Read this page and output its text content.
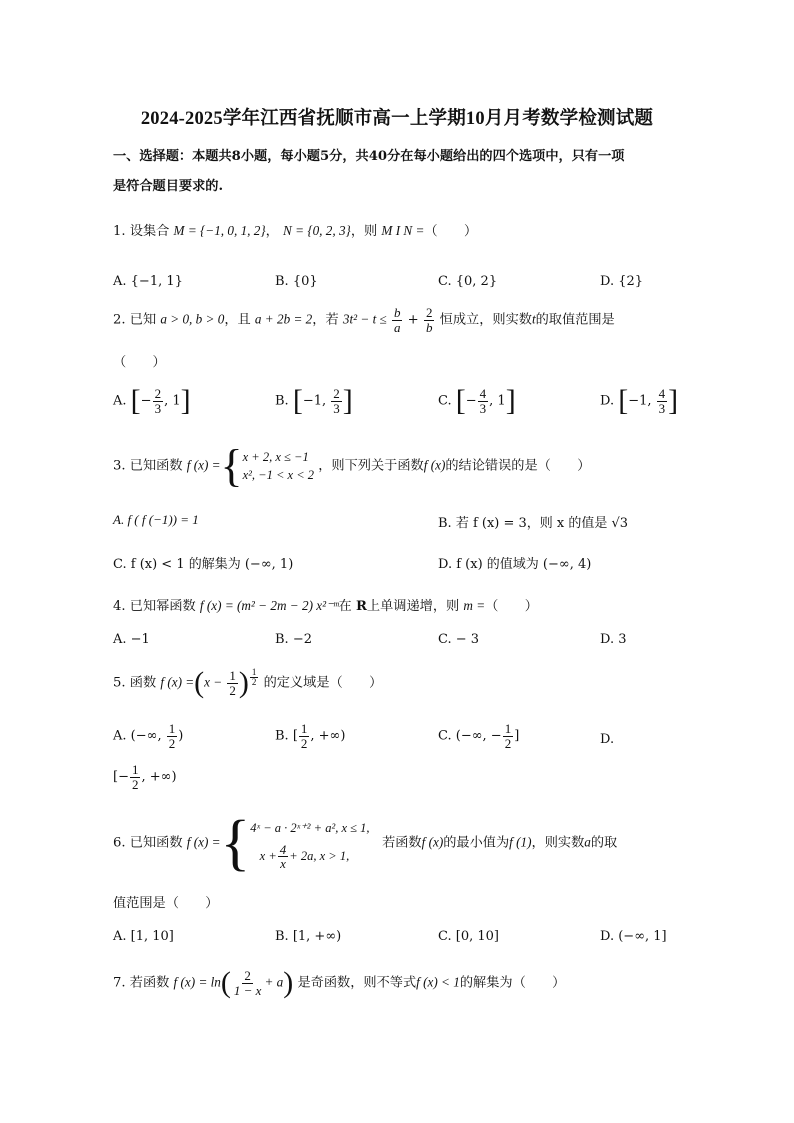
2024-2025学年江西省抚顺市高一上学期10月月考数学检测试题
一、选择题：本题共8小题，每小题5分，共40分在每小题给出的四个选项中，只有一项
是符合题目要求的.
1. 设集合 M = {−1, 0, 1, 2}， N = {0, 2, 3}，则 M I N =（　　）
A. {−1, 1}	B. {0}	C. {0, 2}	D. {2}
2. 已知 a > 0, b > 0，且 a + 2b = 2，若 $3t^2 - t \le \frac{b}{a} + \frac{2}{b}$ 恒成立，则实数t的取值范围是
（　　）
A. [− $\frac{2}{3}$ , 1]	B. [−1, $\frac{2}{3}$ ]	C. [− $\frac{4}{3}$ , 1]	D. [−1, $\frac{4}{3}$ ]
3. 已知函数 f (x) ={x + 2, x ≤ −1
x², −1 < x < 2 ，则下列关于函数f (x)的结论错误的是（　　）
A. f ( f (−1)) = 1	B. 若 f (x) = 3，则 x 的值是 √3
C. f (x) < 1 的解集为 (−∞, 1)	D. f (x) 的值域为 (−∞, 4)
4. 已知幂函数 f (x) = (m² − 2m − 2) x²⁻ᵐ在 R上单调递增，则 m =（　　）
A. −1	B. −2	C. − 3	D. 3
5. 函数 f $(x) =(x - \frac{1}{2}$ ) $^{\frac{1}{2}}$ 的定义域是（　　）
A. (−∞, $\frac{1}{2}$ )	B. [ $\frac{1}{2}$ , +∞)	C. (−∞, − $\frac{1}{2}$ ]	D.
[− $\frac{1}{2}$ , +∞)
6. 已知函数 f (x) ={4ˣ − a · 2ˣ⁺² + a², x ≤ 1,
$x + \frac{4}{x} + 2a$, x > 1,   若函数f (x)的最小值为f (1)，则实数a的取
值范围是（　　）
A. [1, 10]	B. [1, +∞)	C. [0, 10]	D. (−∞, 1]
7. 若函数 f $(x) = \ln( \frac{2}{1 - x} + a)$ 是奇函数，则不等式f (x) < 1的解集为（　　）
